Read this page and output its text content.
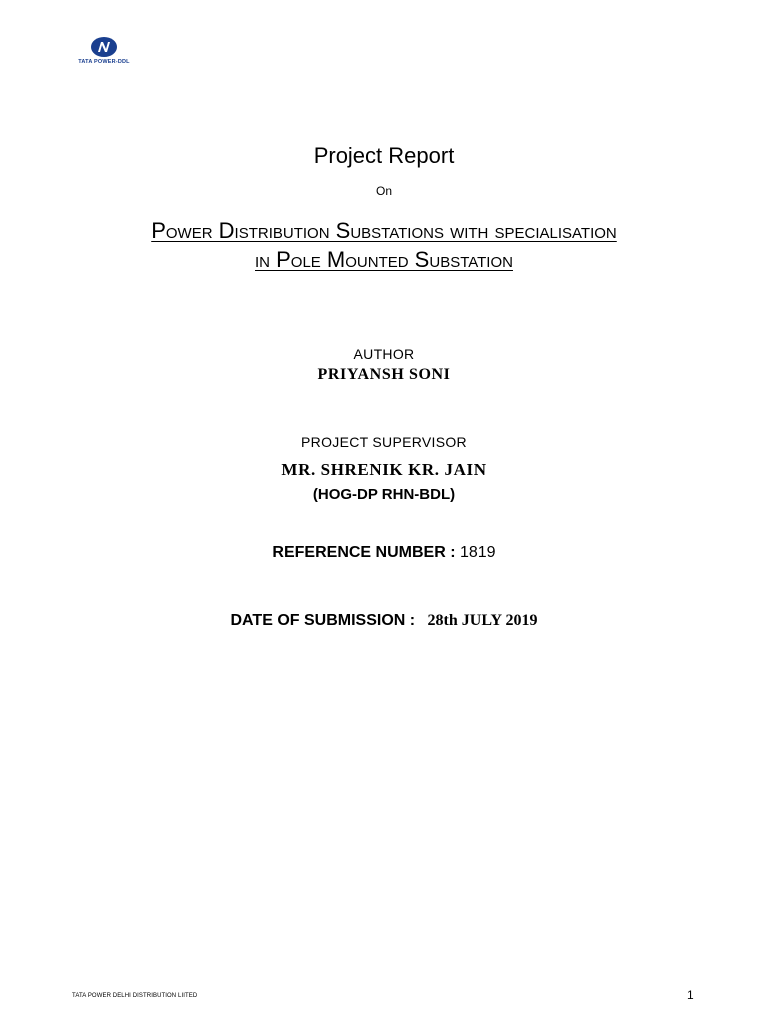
TATA POWER-DDL
Project Report
On
Power Distribution Substations with specialisation
in Pole Mounted Substation
AUTHOR
PRIYANSH SONI
PROJECT SUPERVISOR
MR. SHRENIK KR. JAIN
(HOG-DP RHN-BDL)
REFERENCE NUMBER : 1819
DATE OF SUBMISSION : 28th JULY 2019
TATA POWER DELHI DISTRIBUTION LIITED	1
